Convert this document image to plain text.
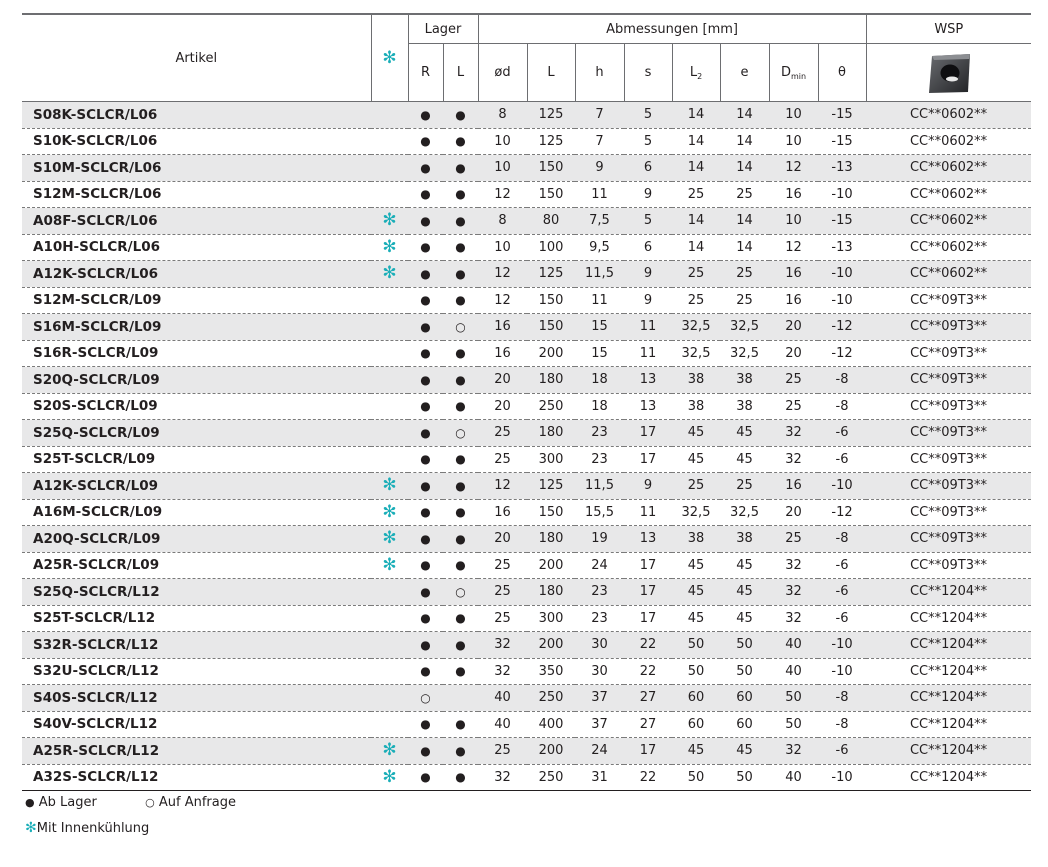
Artikel	✻	Lager		Abmessungen [mm]								WSP
		R	L	ød	L	h	s	$L_2$	e	$D_{min}$	θ	
S08K-SCLCR/L06		●	●	8	125	7	5	14	14	10	-15	CC**0602**
S10K-SCLCR/L06		●	●	10	125	7	5	14	14	10	-15	CC**0602**
S10M-SCLCR/L06		●	●	10	150	9	6	14	14	12	-13	CC**0602**
S12M-SCLCR/L06		●	●	12	150	11	9	25	25	16	-10	CC**0602**
A08F-SCLCR/L06	✻	●	●	8	80	7,5	5	14	14	10	-15	CC**0602**
A10H-SCLCR/L06	✻	●	●	10	100	9,5	6	14	14	12	-13	CC**0602**
A12K-SCLCR/L06	✻	●	●	12	125	11,5	9	25	25	16	-10	CC**0602**
S12M-SCLCR/L09		●	●	12	150	11	9	25	25	16	-10	CC**09T3**
S16M-SCLCR/L09		●	○	16	150	15	11	32,5	32,5	20	-12	CC**09T3**
S16R-SCLCR/L09		●	●	16	200	15	11	32,5	32,5	20	-12	CC**09T3**
S20Q-SCLCR/L09		●	●	20	180	18	13	38	38	25	-8	CC**09T3**
S20S-SCLCR/L09		●	●	20	250	18	13	38	38	25	-8	CC**09T3**
S25Q-SCLCR/L09		●	○	25	180	23	17	45	45	32	-6	CC**09T3**
S25T-SCLCR/L09		●	●	25	300	23	17	45	45	32	-6	CC**09T3**
A12K-SCLCR/L09	✻	●	●	12	125	11,5	9	25	25	16	-10	CC**09T3**
A16M-SCLCR/L09	✻	●	●	16	150	15,5	11	32,5	32,5	20	-12	CC**09T3**
A20Q-SCLCR/L09	✻	●	●	20	180	19	13	38	38	25	-8	CC**09T3**
A25R-SCLCR/L09	✻	●	●	25	200	24	17	45	45	32	-6	CC**09T3**
S25Q-SCLCR/L12		●	○	25	180	23	17	45	45	32	-6	CC**1204**
S25T-SCLCR/L12		●	●	25	300	23	17	45	45	32	-6	CC**1204**
S32R-SCLCR/L12		●	●	32	200	30	22	50	50	40	-10	CC**1204**
S32U-SCLCR/L12		●	●	32	350	30	22	50	50	40	-10	CC**1204**
S40S-SCLCR/L12		○		40	250	37	27	60	60	50	-8	CC**1204**
S40V-SCLCR/L12		●	●	40	400	37	27	60	60	50	-8	CC**1204**
A25R-SCLCR/L12	✻	●	●	25	200	24	17	45	45	32	-6	CC**1204**
A32S-SCLCR/L12	✻	●	●	32	250	31	22	50	50	40	-10	CC**1204**
● Ab Lager	○ Auf Anfrage
✻Mit Innenkühlung
